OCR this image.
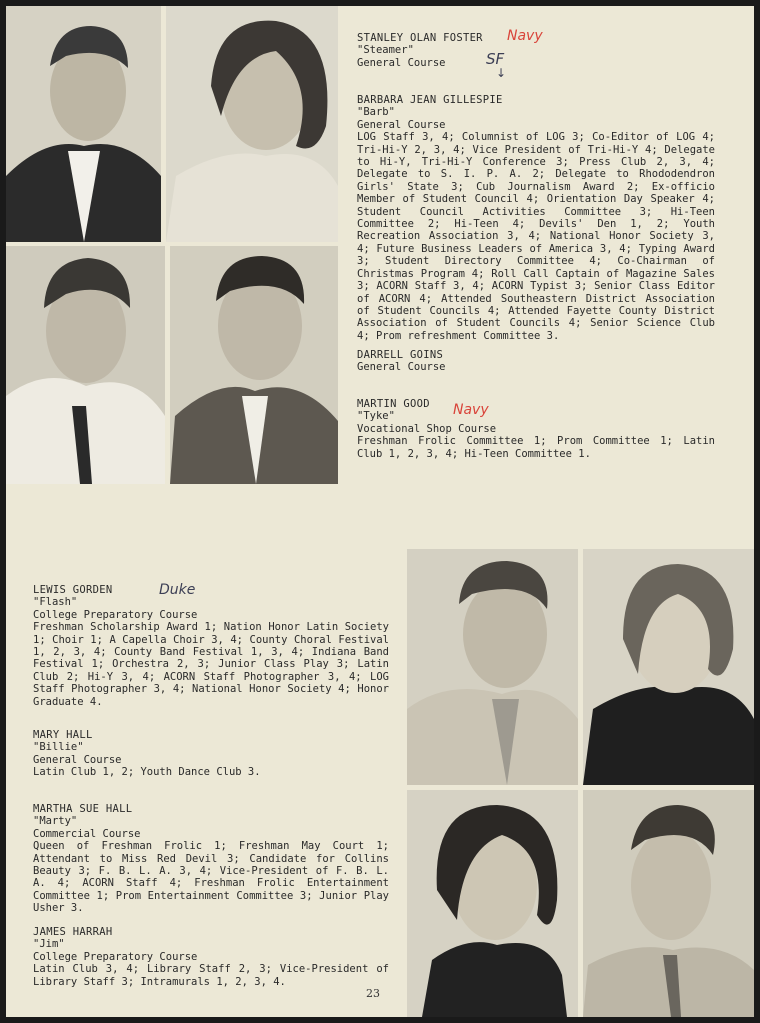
STANLEY OLAN FOSTER
"Steamer"
General Course
Navy
SF
↓
BARBARA JEAN GILLESPIE
"Barb"
General Course
LOG Staff 3, 4; Columnist of LOG 3; Co-Editor of LOG 4; Tri-Hi-Y 2, 3, 4; Vice President of Tri-Hi-Y 4; Delegate to Hi-Y, Tri-Hi-Y Conference 3; Press Club 2, 3, 4; Delegate to S. I. P. A. 2; Delegate to Rhododendron Girls' State 3; Cub Journalism Award 2; Ex-officio Member of Student Council 4; Orientation Day Speaker 4; Student Council Activities Committee 3; Hi-Teen Committee 2; Hi-Teen 4; Devils' Den 1, 2; Youth Recreation Association 3, 4; National Honor Society 3, 4; Future Business Leaders of America 3, 4; Typing Award 3; Student Directory Committee 4; Co-Chairman of Christmas Program 4; Roll Call Captain of Magazine Sales 3; ACORN Staff 3, 4; ACORN Typist 3; Senior Class Editor of ACORN 4; Attended Southeastern District Association of Student Councils 4; Attended Fayette County District Association of Student Councils 4; Senior Science Club 4; Prom refreshment Committee 3.
DARRELL GOINS
General Course
MARTIN GOOD
"Tyke"
Vocational Shop Course
Freshman Frolic Committee 1; Prom Committee 1; Latin Club 1, 2, 3, 4; Hi-Teen Committee 1.
Navy
LEWIS GORDEN
"Flash"
College Preparatory Course
Freshman Scholarship Award 1; Nation Honor Latin Society 1; Choir 1; A Capella Choir 3, 4; County Choral Festival 1, 2, 3, 4; County Band Festival 1, 3, 4; Indiana Band Festival 1; Orchestra 2, 3; Junior Class Play 3; Latin Club 2; Hi-Y 3, 4; ACORN Staff Photographer 3, 4; LOG Staff Photographer 3, 4; National Honor Society 4; Honor Graduate 4.
Duke
MARY HALL
"Billie"
General Course
Latin Club 1, 2; Youth Dance Club 3.
MARTHA SUE HALL
"Marty"
Commercial Course
Queen of Freshman Frolic 1; Freshman May Court 1; Attendant to Miss Red Devil 3; Candidate for Collins Beauty 3; F. B. L. A. 3, 4; Vice-President of F. B. L. A. 4; ACORN Staff 4; Freshman Frolic Entertainment Committee 1; Prom Entertainment Committee 3; Junior Play Usher 3.
JAMES HARRAH
"Jim"
College Preparatory Course
Latin Club 3, 4; Library Staff 2, 3; Vice-President of Library Staff 3; Intramurals 1, 2, 3, 4.
23
